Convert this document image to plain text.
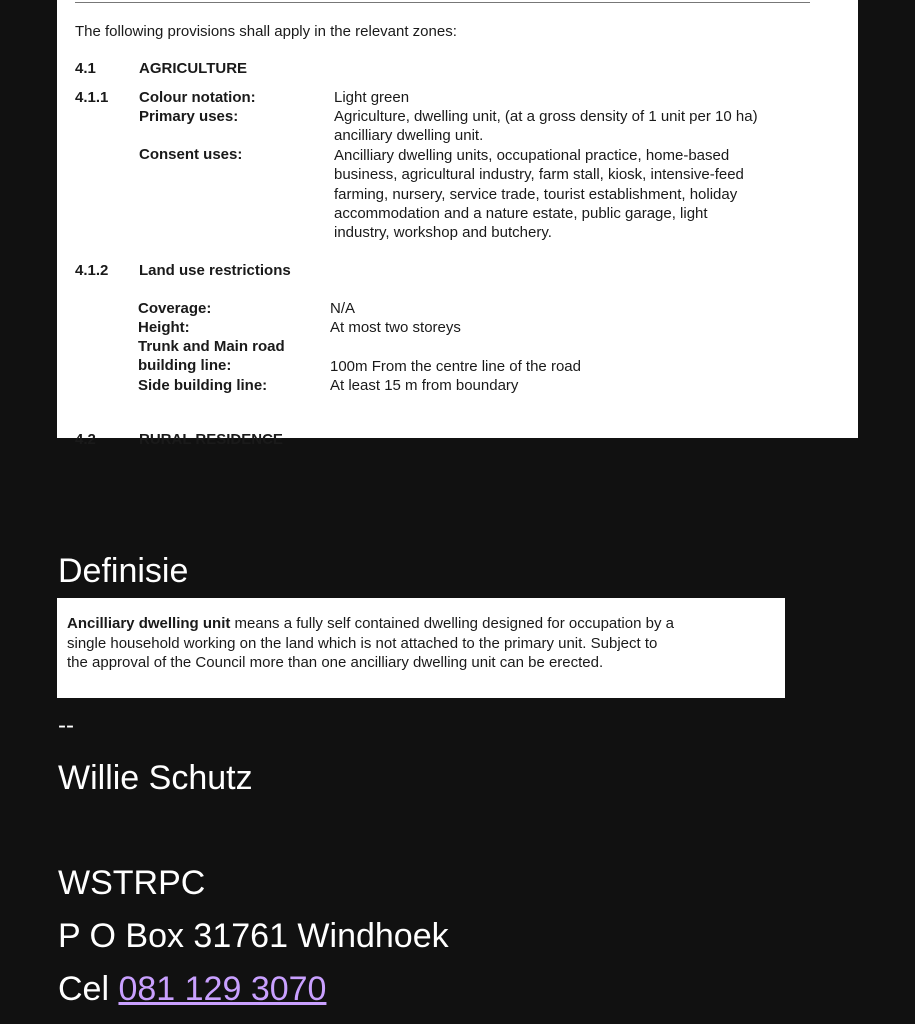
The following provisions shall apply in the relevant zones:
4.1	AGRICULTURE
4.1.1 Colour notation:
Primary uses:
Consent uses:
Light green
Agriculture, dwelling unit, (at a gross density of 1 unit per 10 ha)
ancilliary dwelling unit.
Ancilliary dwelling units, occupational practice, home-based
business, agricultural industry, farm stall, kiosk, intensive-feed
farming, nursery, service trade, tourist establishment, holiday
accommodation and a nature estate, public garage, light
industry, workshop and butchery.
4.1.2 Land use restrictions
Coverage:
Height:
Trunk and Main road
building line:
Side building line:
N/A
At most two storeys
100m From the centre line of the road
At least 15 m from boundary
4.2	RURAL RESIDENCE
Definisie

Ancilliary dwelling unit means a fully self contained dwelling designed for occupation by a
single household working on the land which is not attached to the primary unit. Subject to
the approval of the Council more than one ancilliary dwelling unit can be erected.

--
Willie Schutz
WSTRPC
P O Box 31761 Windhoek
Cel 081 129 3070
